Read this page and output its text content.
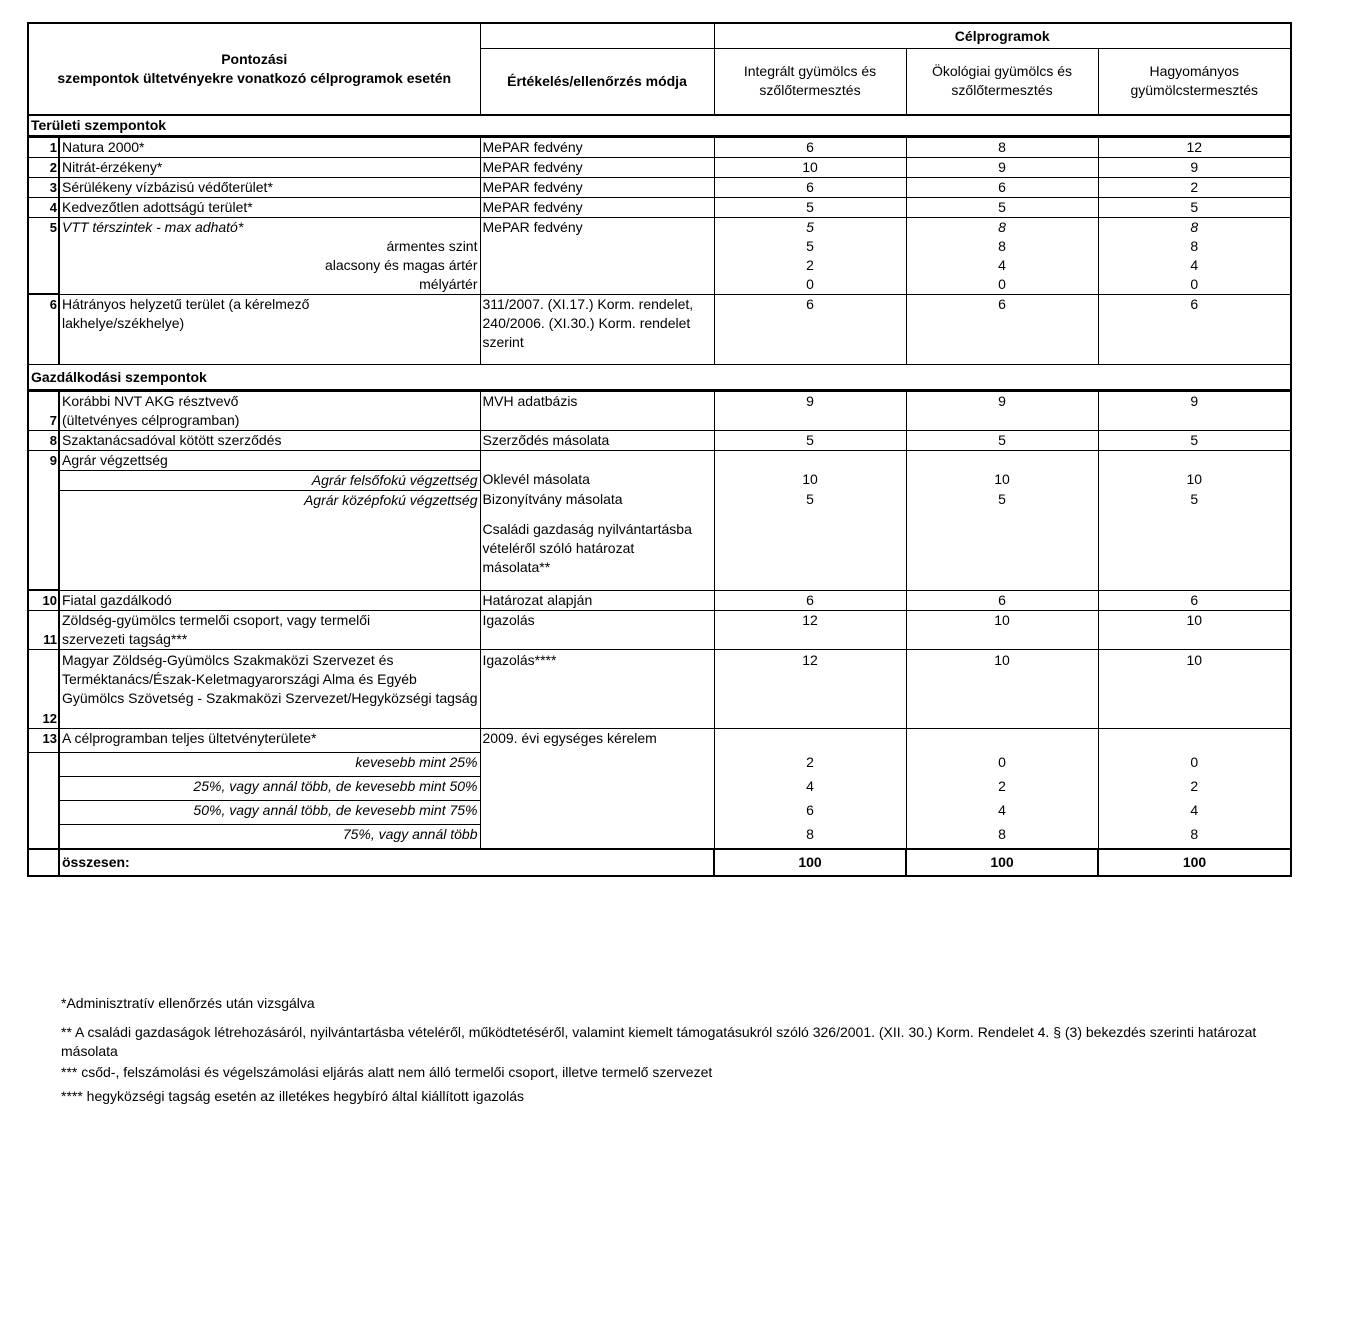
Pontozási
szempontok ültetvényekre vonatkozó célprogramok esetén			Célprogramok		
		Értékelés/ellenőrzés módja	Integrált gyümölcs és szőlőtermesztés	Ökológiai gyümölcs és szőlőtermesztés	Hagyományos gyümölcstermesztés
Területi szempontok					
1	Natura 2000*	MePAR fedvény	6	8	12
2	Nitrát-érzékeny*	MePAR fedvény	10	9	9
3	Sérülékeny vízbázisú védőterület*	MePAR fedvény	6	6	2
4	Kedvezőtlen adottságú terület*	MePAR fedvény	5	5	5
5	VTT térszintek - max adható*	MePAR fedvény	5	8	8
	ármentes szint		5	8	8
	alacsony és magas ártér		2	4	4
	mélyártér		0	0	0
6	Hátrányos helyzetű terület (a kérelmező lakhelye/székhelye)	311/2007. (XI.17.) Korm. rendelet, 240/2006. (XI.30.) Korm. rendelet szerint	6	6	6
Gazdálkodási szempontok					
7	Korábbi NVT AKG résztvevő (ültetvényes célprogramban)	MVH adatbázis	9	9	9
8	Szaktanácsadóval kötött szerződés	Szerződés másolata	5	5	5
9	Agrár végzettség				
	Agrár felsőfokú végzettség	Oklevél másolata	10	10	10
	Agrár középfokú végzettség	Bizonyítvány másolata	5	5	5
		Családi gazdaság nyilvántartásba vételéről szóló határozat másolata**			
10	Fiatal gazdálkodó	Határozat alapján	6	6	6
11	Zöldség-gyümölcs termelői csoport, vagy termelői szervezeti tagság***	Igazolás	12	10	10
12	Magyar Zöldség-Gyümölcs Szakmaközi Szervezet és Terméktanács/Észak-Keletmagyarországi Alma és Egyéb Gyümölcs Szövetség - Szakmaközi Szervezet/Hegyközségi tagság	Igazolás****	12	10	10
13	A célprogramban teljes ültetvényterülete*	2009. évi egységes kérelem			
	kevesebb mint 25%		2	0	0
	25%, vagy annál több, de kevesebb mint 50%		4	2	2
	50%, vagy annál több, de kevesebb mint 75%		6	4	4
	75%, vagy annál több		8	8	8
	összesen:		100	100	100

*Adminisztratív ellenőrzés után vizsgálva

** A családi gazdaságok létrehozásáról, nyilvántartásba vételéről, működtetéséről, valamint kiemelt támogatásukról szóló 326/2001. (XII. 30.) Korm. Rendelet 4. § (3) bekezdés szerinti határozat másolata

*** csőd-, felszámolási és végelszámolási eljárás alatt nem álló termelői csoport, illetve termelő szervezet

**** hegyközségi tagság esetén az illetékes hegybíró által kiállított igazolás
